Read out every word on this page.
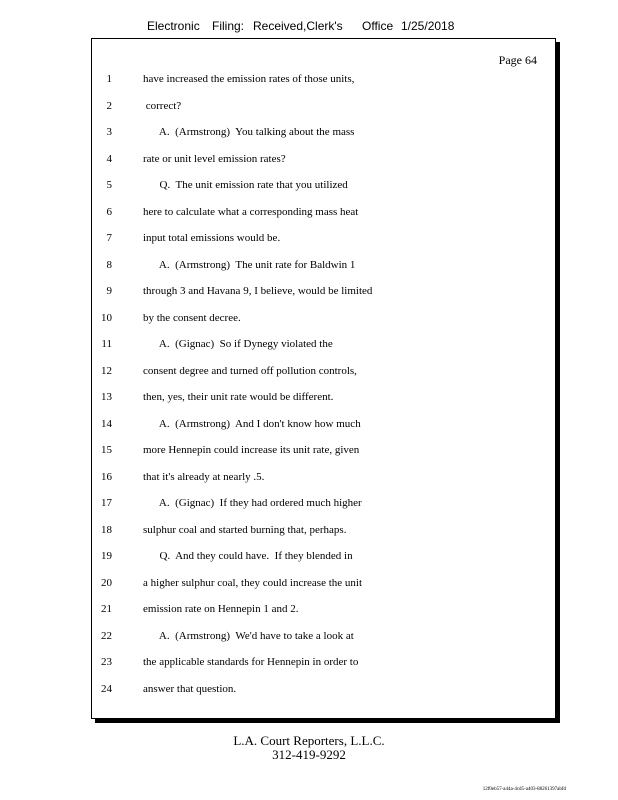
Electronic Filing: Received,Clerk's Office 1/25/2018
Page 64
1	have increased the emission rates of those units,
2	correct?
3	A.  (Armstrong)  You talking about the mass
4	rate or unit level emission rates?
5	Q.  The unit emission rate that you utilized
6	here to calculate what a corresponding mass heat
7	input total emissions would be.
8	A.  (Armstrong)  The unit rate for Baldwin 1
9	through 3 and Havana 9, I believe, would be limited
10	by the consent decree.
11	A.  (Gignac)  So if Dynegy violated the
12	consent degree and turned off pollution controls,
13	then, yes, their unit rate would be different.
14	A.  (Armstrong)  And I don't know how much
15	more Hennepin could increase its unit rate, given
16	that it's already at nearly .5.
17	A.  (Gignac)  If they had ordered much higher
18	sulphur coal and started burning that, perhaps.
19	Q.  And they could have.  If they blended in
20	a higher sulphur coal, they could increase the unit
21	emission rate on Hennepin 1 and 2.
22	A.  (Armstrong)  We'd have to take a look at
23	the applicable standards for Hennepin in order to
24	answer that question.
L.A. Court Reporters, L.L.C.
312-419-9292
12f0eb57-a44a-4cd5-a403-88261397abfd
